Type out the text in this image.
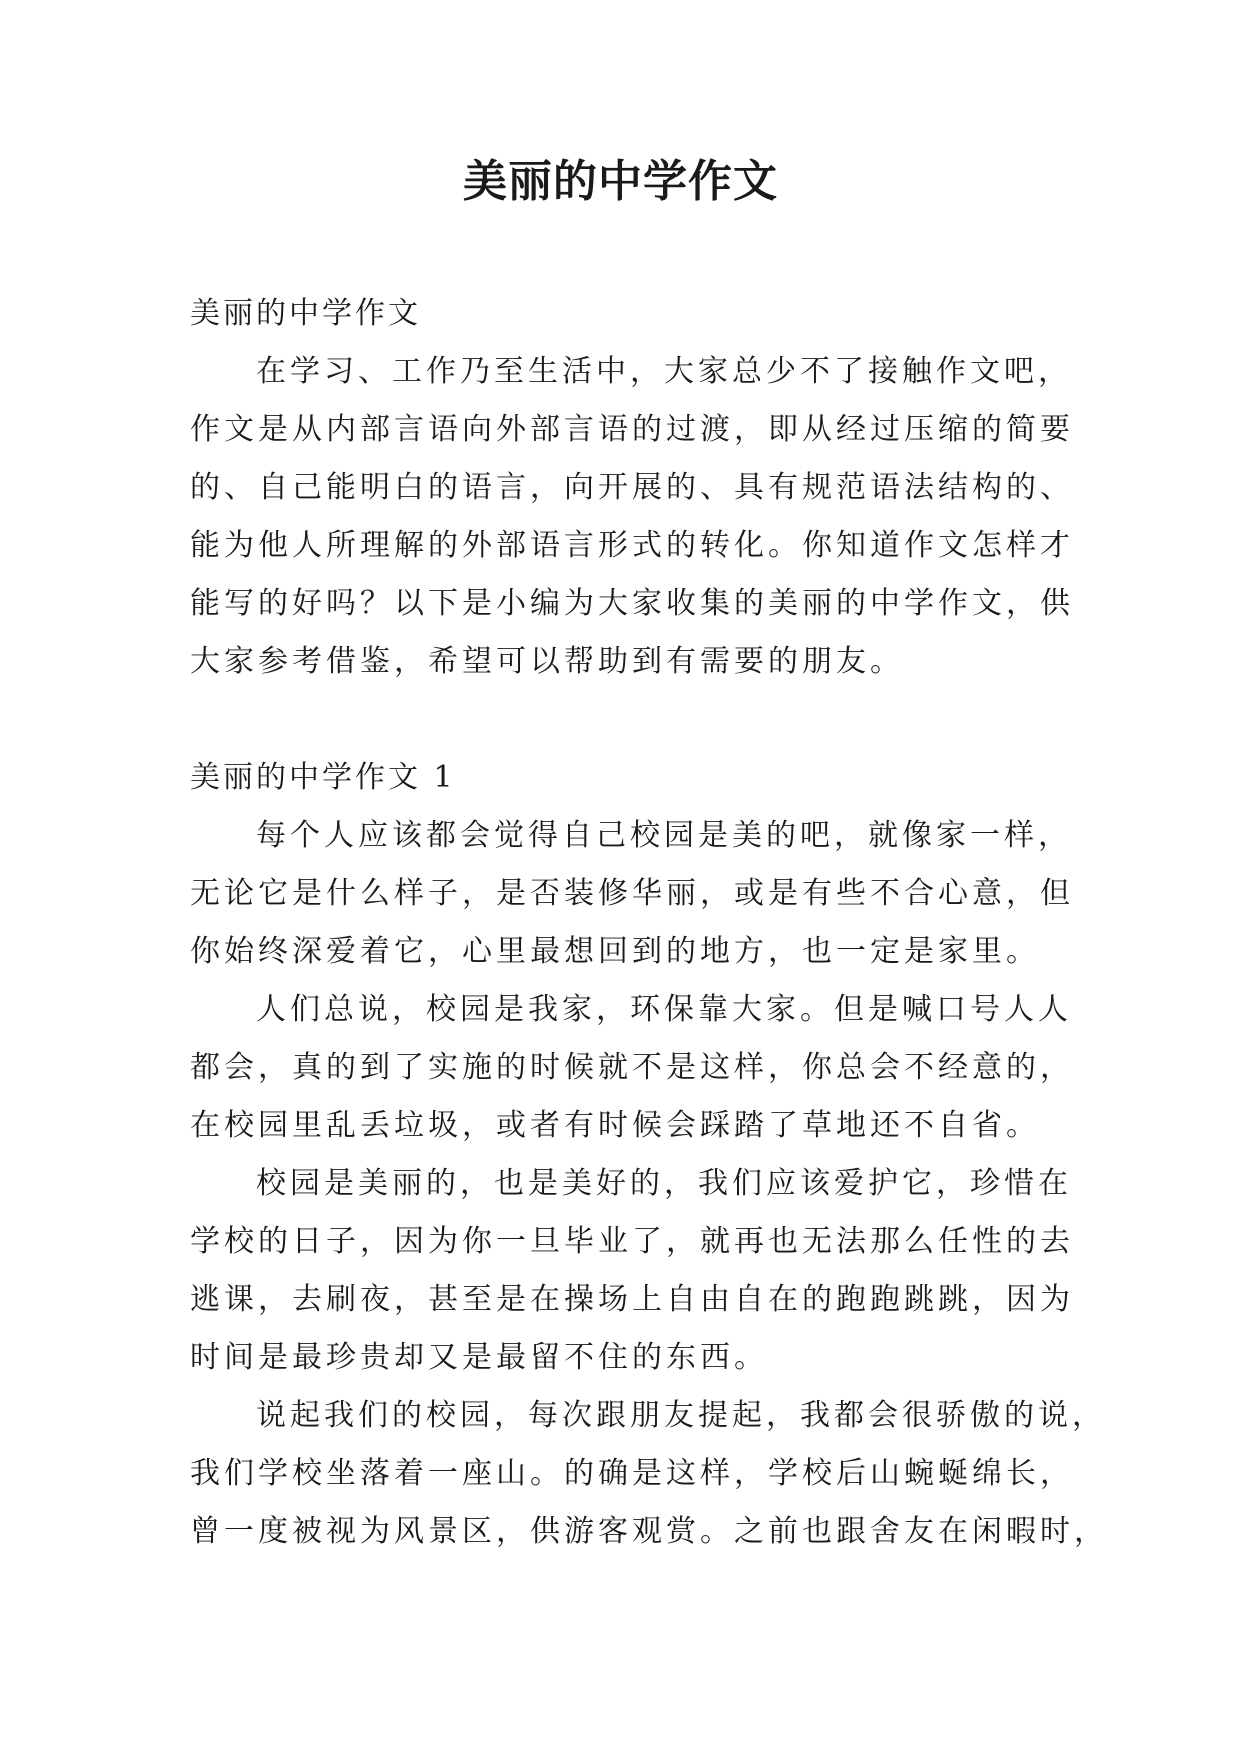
美丽的中学作文

美丽的中学作文

在学习、工作乃至生活中，大家总少不了接触作文吧，

作文是从内部言语向外部言语的过渡，即从经过压缩的简要

的、自己能明白的语言，向开展的、具有规范语法结构的、

能为他人所理解的外部语言形式的转化。你知道作文怎样才

能写的好吗？以下是小编为大家收集的美丽的中学作文，供

大家参考借鉴，希望可以帮助到有需要的朋友。

美丽的中学作文 1

每个人应该都会觉得自己校园是美的吧，就像家一样，

无论它是什么样子，是否装修华丽，或是有些不合心意，但

你始终深爱着它，心里最想回到的地方，也一定是家里。

人们总说，校园是我家，环保靠大家。但是喊口号人人

都会，真的到了实施的时候就不是这样，你总会不经意的，

在校园里乱丢垃圾，或者有时候会踩踏了草地还不自省。

校园是美丽的，也是美好的，我们应该爱护它，珍惜在

学校的日子，因为你一旦毕业了，就再也无法那么任性的去

逃课，去刷夜，甚至是在操场上自由自在的跑跑跳跳，因为

时间是最珍贵却又是最留不住的东西。

说起我们的校园，每次跟朋友提起，我都会很骄傲的说，

我们学校坐落着一座山。的确是这样，学校后山蜿蜒绵长，

曾一度被视为风景区，供游客观赏。之前也跟舍友在闲暇时，
